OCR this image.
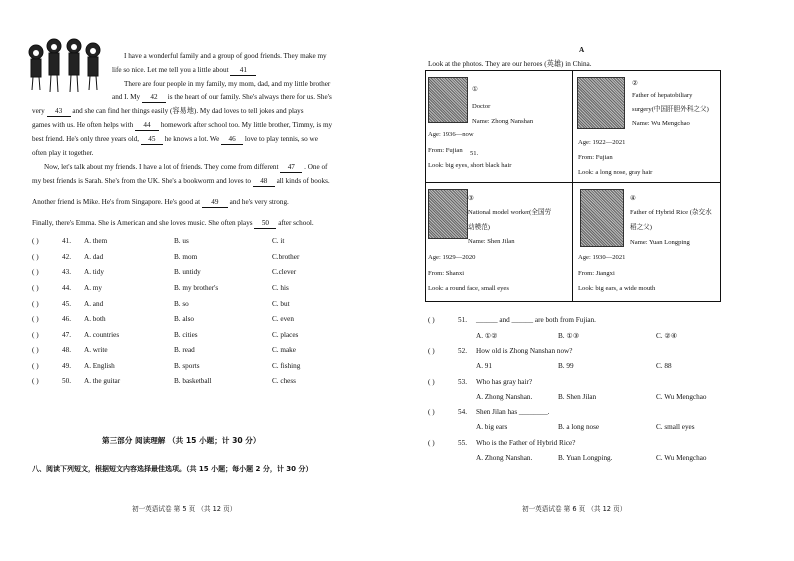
I have a wonderful family and a group of good friends. They make my
life so nice. Let me tell you a little about 41
There are four people in my family, my mom, dad, and my little brother
and I. My 42 is the heart of our family. She's always there for us. She's
very 43 and she can find her things easily (容易地). My dad loves to tell jokes and plays
games with us. He often helps with 44 homework after school too. My little brother, Timmy, is my
best friend. He's only three years old, 45 he knows a lot. We 46 love to play tennis, so we
often play it together.
Now, let's talk about my friends. I have a lot of friends. They come from different 47 . One of
my best friends is Sarah. She's from the UK. She's a bookworm and loves to 48 all kinds of books.
Another friend is Mike. He's from Singapore. He's good at 49 and he's very strong.
Finally, there's Emma. She is American and she loves music. She often plays 50 after school.
( )	41. A. them	B. us	C. it
( )	42. A. dad	B. mom	C.brother
( )	43. A. tidy	B. untidy	C.clever
( )	44. A. my	B. my brother's	C. his
( )	45. A. and	B. so	C. but
( )	46. A. both	B. also	C. even
( )	47. A. countries	B. cities	C. places
( )	48. A. write	B. read	C. make
( )	49. A. English	B. sports	C. fishing
( )	50. A. the guitar	B. basketball	C. chess
第三部分 阅读理解 （共 15 小题；计 30 分）
八、阅读下列短文，根据短文内容选择最佳选项。（共 15 小题；每小题 2 分，计 30 分）
初一英语试卷 第 5 页 （共 12 页）
A
Look at the photos. They are our heroes (英雄) in China.
①
Doctor
Name: Zhong Nanshan
Age: 1936—now
From: Fujian 51.
Look: big eyes, short black hair
②
Father of hepatobiliary
surgery(中国肝胆外科之父)
Name: Wu Mengchao
Age: 1922—2021
From: Fujian
Look: a long nose, gray hair
③
National model worker(全国劳
动模范)
Name: Shen Jilan
Age: 1929—2020
From: Shanxi
Look: a round face, small eyes
④
Father of Hybrid Rice (杂交水
稻之父)
Name: Yuan Longping
Age: 1930—2021
From: Jiangxi
Look: big ears, a wide mouth
( )	51. ______ and ______ are both from Fujian.
A. ①②	B. ①③	C. ②④
( )	52. How old is Zhong Nanshan now?
A. 91	B. 99	C. 88
( )	53. Who has gray hair?
A. Zhong Nanshan.	B. Shen Jilan	C. Wu Mengchao
( )	54. Shen Jilan has ________.
A. big ears	B. a long nose	C. small eyes
( )	55. Who is the Father of Hybrid Rice?
A. Zhong Nanshan.	B. Yuan Longping.	C. Wu Mengchao
初一英语试卷 第 6 页 （共 12 页）
